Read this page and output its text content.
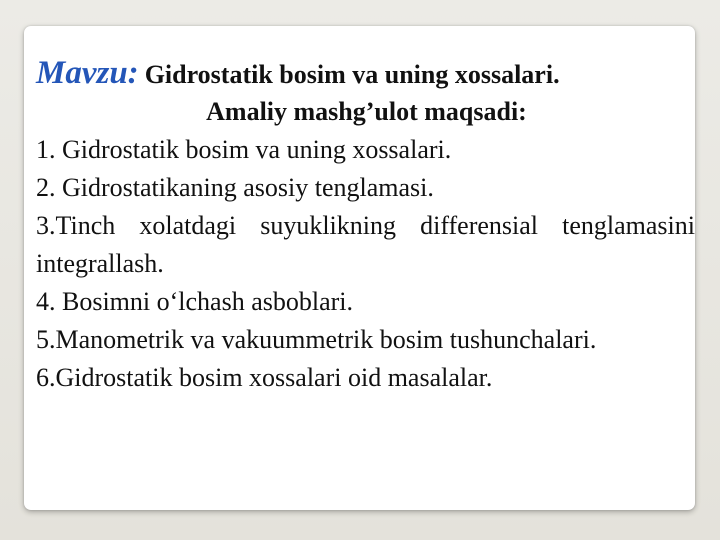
Mavzu: Gidrostatik bosim va uning xossalari.
Amaliy mashg’ulot maqsadi:
1. Gidrostatik bosim va uning xossalari.
2. Gidrostatikaning asosiy tenglamasi.
3.Tinch xolatdagi suyuklikning differensial tenglamasini integrallash.
4. Bosimni o‘lchash asboblari.
5.Manometrik va vakuummetrik bosim tushunchalari.
6.Gidrostatik bosim xossalari oid masalalar.
